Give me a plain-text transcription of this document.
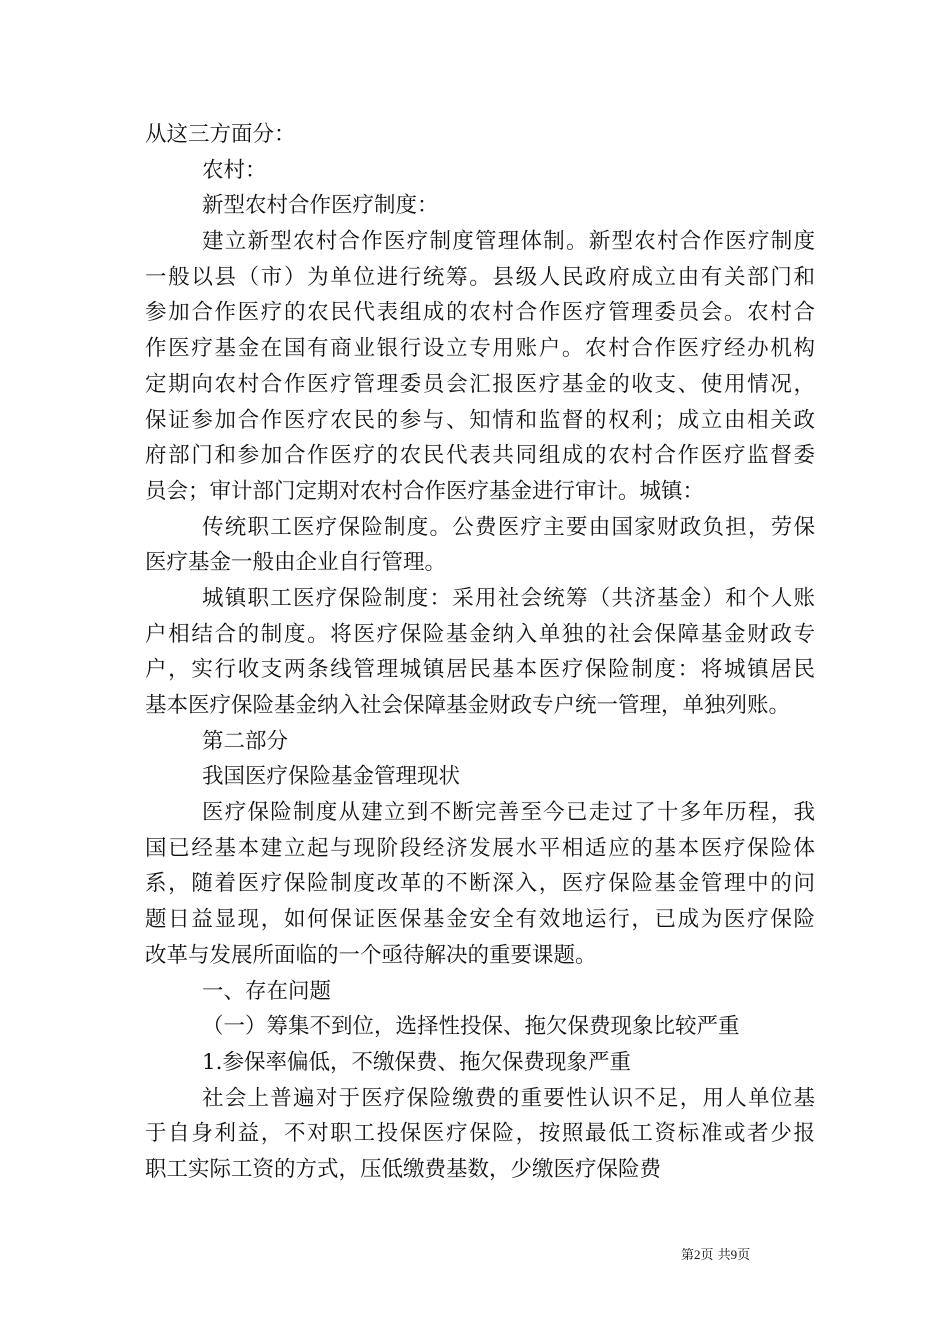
从这三方面分：
农村：
新型农村合作医疗制度：
建立新型农村合作医疗制度管理体制。新型农村合作医疗制度
一般以县（市）为单位进行统筹。县级人民政府成立由有关部门和
参加合作医疗的农民代表组成的农村合作医疗管理委员会。农村合
作医疗基金在国有商业银行设立专用账户。农村合作医疗经办机构
定期向农村合作医疗管理委员会汇报医疗基金的收支、使用情况，
保证参加合作医疗农民的参与、知情和监督的权利；成立由相关政
府部门和参加合作医疗的农民代表共同组成的农村合作医疗监督委
员会；审计部门定期对农村合作医疗基金进行审计。城镇：
传统职工医疗保险制度。公费医疗主要由国家财政负担，劳保
医疗基金一般由企业自行管理。
城镇职工医疗保险制度：采用社会统筹（共济基金）和个人账
户相结合的制度。将医疗保险基金纳入单独的社会保障基金财政专
户，实行收支两条线管理城镇居民基本医疗保险制度：将城镇居民
基本医疗保险基金纳入社会保障基金财政专户统一管理，单独列账。
第二部分
我国医疗保险基金管理现状
医疗保险制度从建立到不断完善至今已走过了十多年历程，我
国已经基本建立起与现阶段经济发展水平相适应的基本医疗保险体
系，随着医疗保险制度改革的不断深入，医疗保险基金管理中的问
题日益显现，如何保证医保基金安全有效地运行，已成为医疗保险
改革与发展所面临的一个亟待解决的重要课题。
一、存在问题
（一）筹集不到位，选择性投保、拖欠保费现象比较严重
1.参保率偏低，不缴保费、拖欠保费现象严重
社会上普遍对于医疗保险缴费的重要性认识不足，用人单位基
于自身利益，不对职工投保医疗保险，按照最低工资标准或者少报
职工实际工资的方式，压低缴费基数，少缴医疗保险费
第2页 共9页
